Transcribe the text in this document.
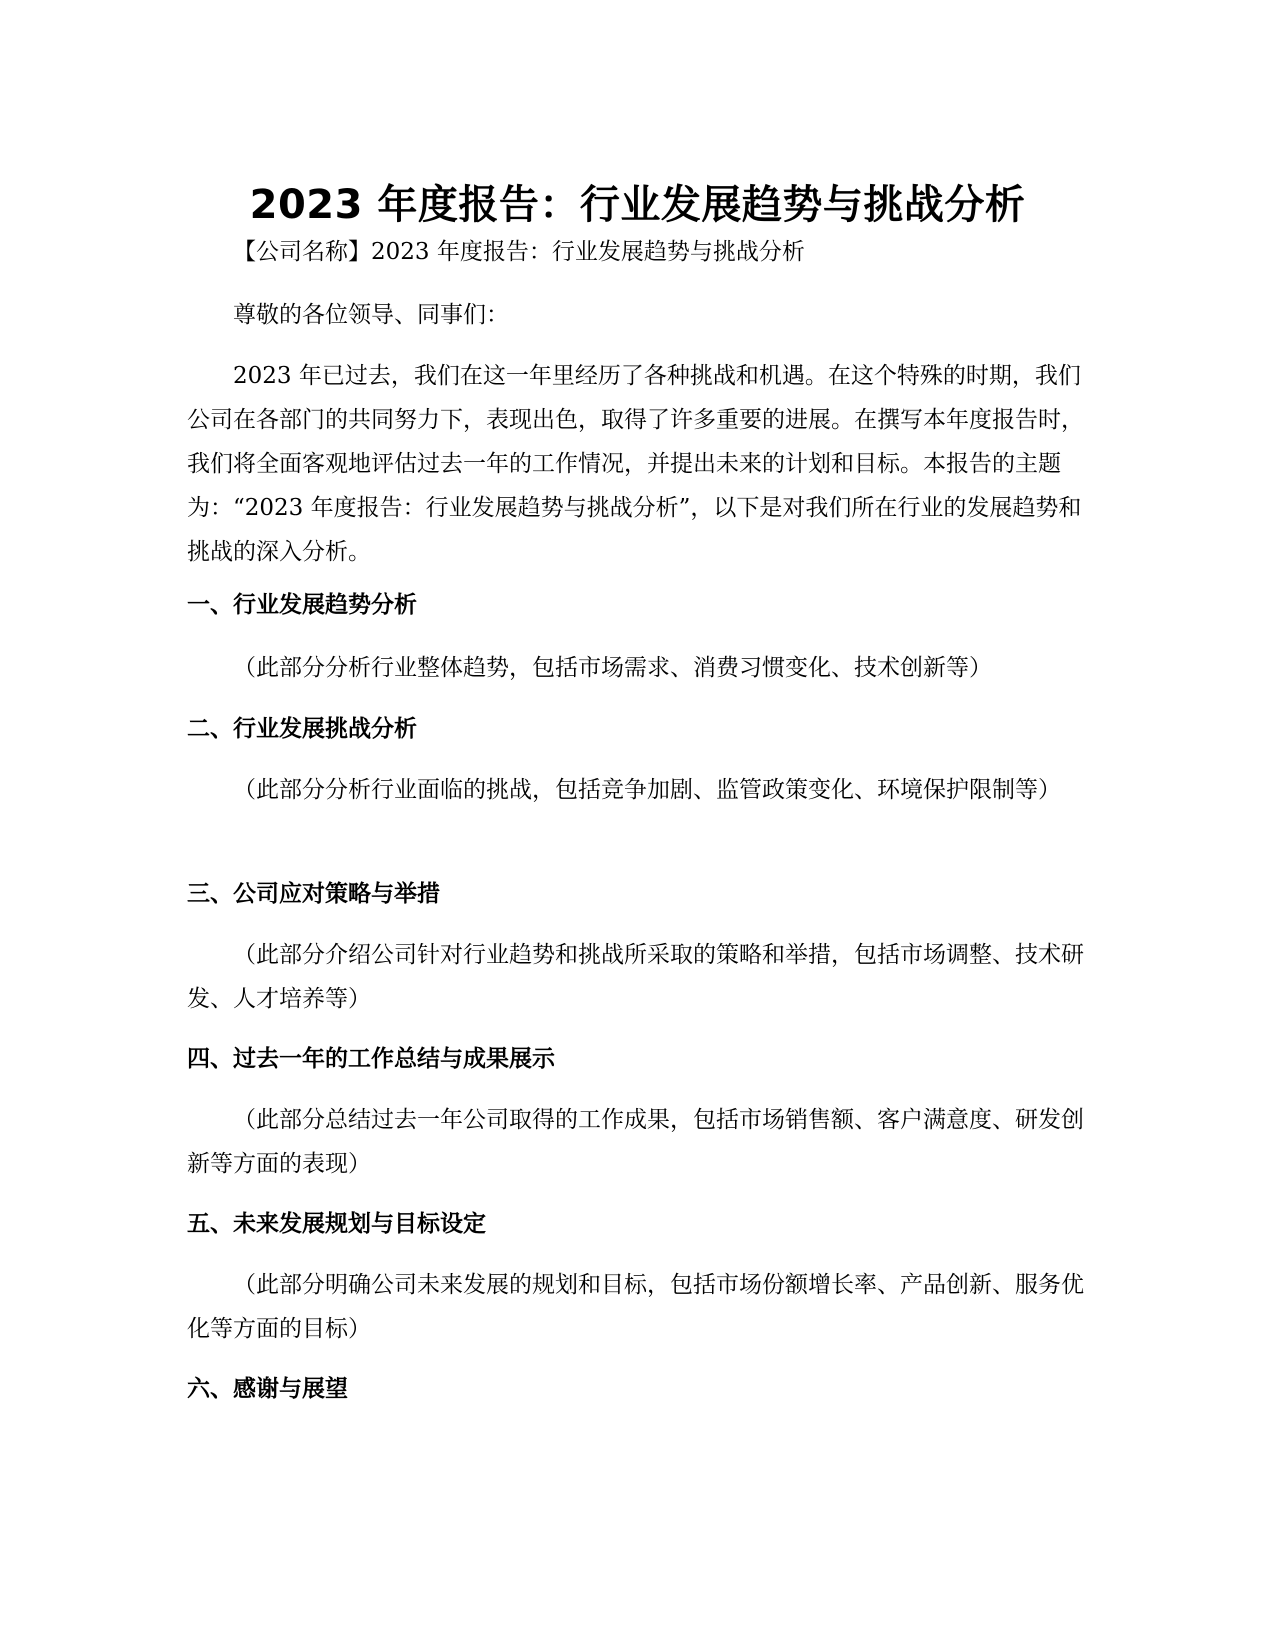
2023 年度报告：行业发展趋势与挑战分析

【公司名称】2023 年度报告：行业发展趋势与挑战分析

尊敬的各位领导、同事们：

2023 年已过去，我们在这一年里经历了各种挑战和机遇。在这个特殊的时期，我们公司在各部门的共同努力下，表现出色，取得了许多重要的进展。在撰写本年度报告时，我们将全面客观地评估过去一年的工作情况，并提出未来的计划和目标。本报告的主题为：“2023 年度报告：行业发展趋势与挑战分析”，以下是对我们所在行业的发展趋势和挑战的深入分析。

一、行业发展趋势分析

（此部分分析行业整体趋势，包括市场需求、消费习惯变化、技术创新等）

二、行业发展挑战分析

（此部分分析行业面临的挑战，包括竞争加剧、监管政策变化、环境保护限制等）

三、公司应对策略与举措

（此部分介绍公司针对行业趋势和挑战所采取的策略和举措，包括市场调整、技术研发、人才培养等）

四、过去一年的工作总结与成果展示

（此部分总结过去一年公司取得的工作成果，包括市场销售额、客户满意度、研发创新等方面的表现）

五、未来发展规划与目标设定

（此部分明确公司未来发展的规划和目标，包括市场份额增长率、产品创新、服务优化等方面的目标）

六、感谢与展望
